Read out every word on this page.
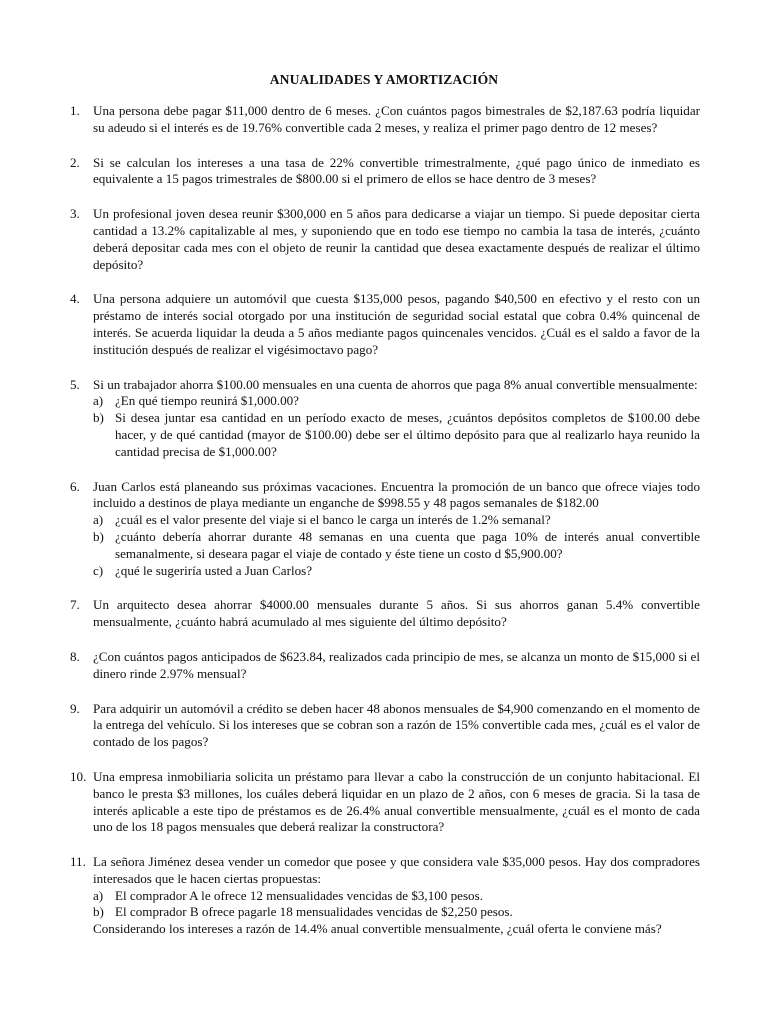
ANUALIDADES Y AMORTIZACIÓN
1. Una persona debe pagar $11,000 dentro de 6 meses. ¿Con cuántos pagos bimestrales de $2,187.63 podría liquidar su adeudo si el interés es de 19.76% convertible cada 2 meses, y realiza el primer pago dentro de 12 meses?
2. Si se calculan los intereses a una tasa de 22% convertible trimestralmente, ¿qué pago único de inmediato es equivalente a 15 pagos trimestrales de $800.00 si el primero de ellos se hace dentro de 3 meses?
3. Un profesional joven desea reunir $300,000 en 5 años para dedicarse a viajar un tiempo. Si puede depositar cierta cantidad a 13.2% capitalizable al mes, y suponiendo que en todo ese tiempo no cambia la tasa de interés, ¿cuánto deberá depositar cada mes con el objeto de reunir la cantidad que desea exactamente después de realizar el último depósito?
4. Una persona adquiere un automóvil que cuesta $135,000 pesos, pagando $40,500 en efectivo y el resto con un préstamo de interés social otorgado por una institución de seguridad social estatal que cobra 0.4% quincenal de interés. Se acuerda liquidar la deuda a 5 años mediante pagos quincenales vencidos. ¿Cuál es el saldo a favor de la institución después de realizar el vigésimoctavo pago?
5. Si un trabajador ahorra $100.00 mensuales en una cuenta de ahorros que paga 8% anual convertible mensualmente:
a) ¿En qué tiempo reunirá $1,000.00?
b) Si desea juntar esa cantidad en un período exacto de meses, ¿cuántos depósitos completos de $100.00 debe hacer, y de qué cantidad (mayor de $100.00) debe ser el último depósito para que al realizarlo haya reunido la cantidad precisa de $1,000.00?
6. Juan Carlos está planeando sus próximas vacaciones. Encuentra la promoción de un banco que ofrece viajes todo incluido a destinos de playa mediante un enganche de $998.55 y 48 pagos semanales de $182.00
a) ¿cuál es el valor presente del viaje si el banco le carga un interés de 1.2% semanal?
b) ¿cuánto debería ahorrar durante 48 semanas en una cuenta que paga 10% de interés anual convertible semanalmente, si deseara pagar el viaje de contado y éste tiene un costo d $5,900.00?
c) ¿qué le sugeriría usted a Juan Carlos?
7. Un arquitecto desea ahorrar $4000.00 mensuales durante 5 años. Si sus ahorros ganan 5.4% convertible mensualmente, ¿cuánto habrá acumulado al mes siguiente del último depósito?
8. ¿Con cuántos pagos anticipados de $623.84, realizados cada principio de mes, se alcanza un monto de $15,000 si el dinero rinde 2.97% mensual?
9. Para adquirir un automóvil a crédito se deben hacer 48 abonos mensuales de $4,900 comenzando en el momento de la entrega del vehículo. Si los intereses que se cobran son a razón de 15% convertible cada mes, ¿cuál es el valor de contado de los pagos?
10. Una empresa inmobiliaria solicita un préstamo para llevar a cabo la construcción de un conjunto habitacional. El banco le presta $3 millones, los cuáles deberá liquidar en un plazo de 2 años, con 6 meses de gracia. Si la tasa de interés aplicable a este tipo de préstamos es de 26.4% anual convertible mensualmente, ¿cuál es el monto de cada uno de los 18 pagos mensuales que deberá realizar la constructora?
11. La señora Jiménez desea vender un comedor que posee y que considera vale $35,000 pesos. Hay dos compradores interesados que le hacen ciertas propuestas:
a) El comprador A le ofrece 12 mensualidades vencidas de $3,100 pesos.
b) El comprador B ofrece pagarle 18 mensualidades vencidas de $2,250 pesos.
Considerando los intereses a razón de 14.4% anual convertible mensualmente, ¿cuál oferta le conviene más?
